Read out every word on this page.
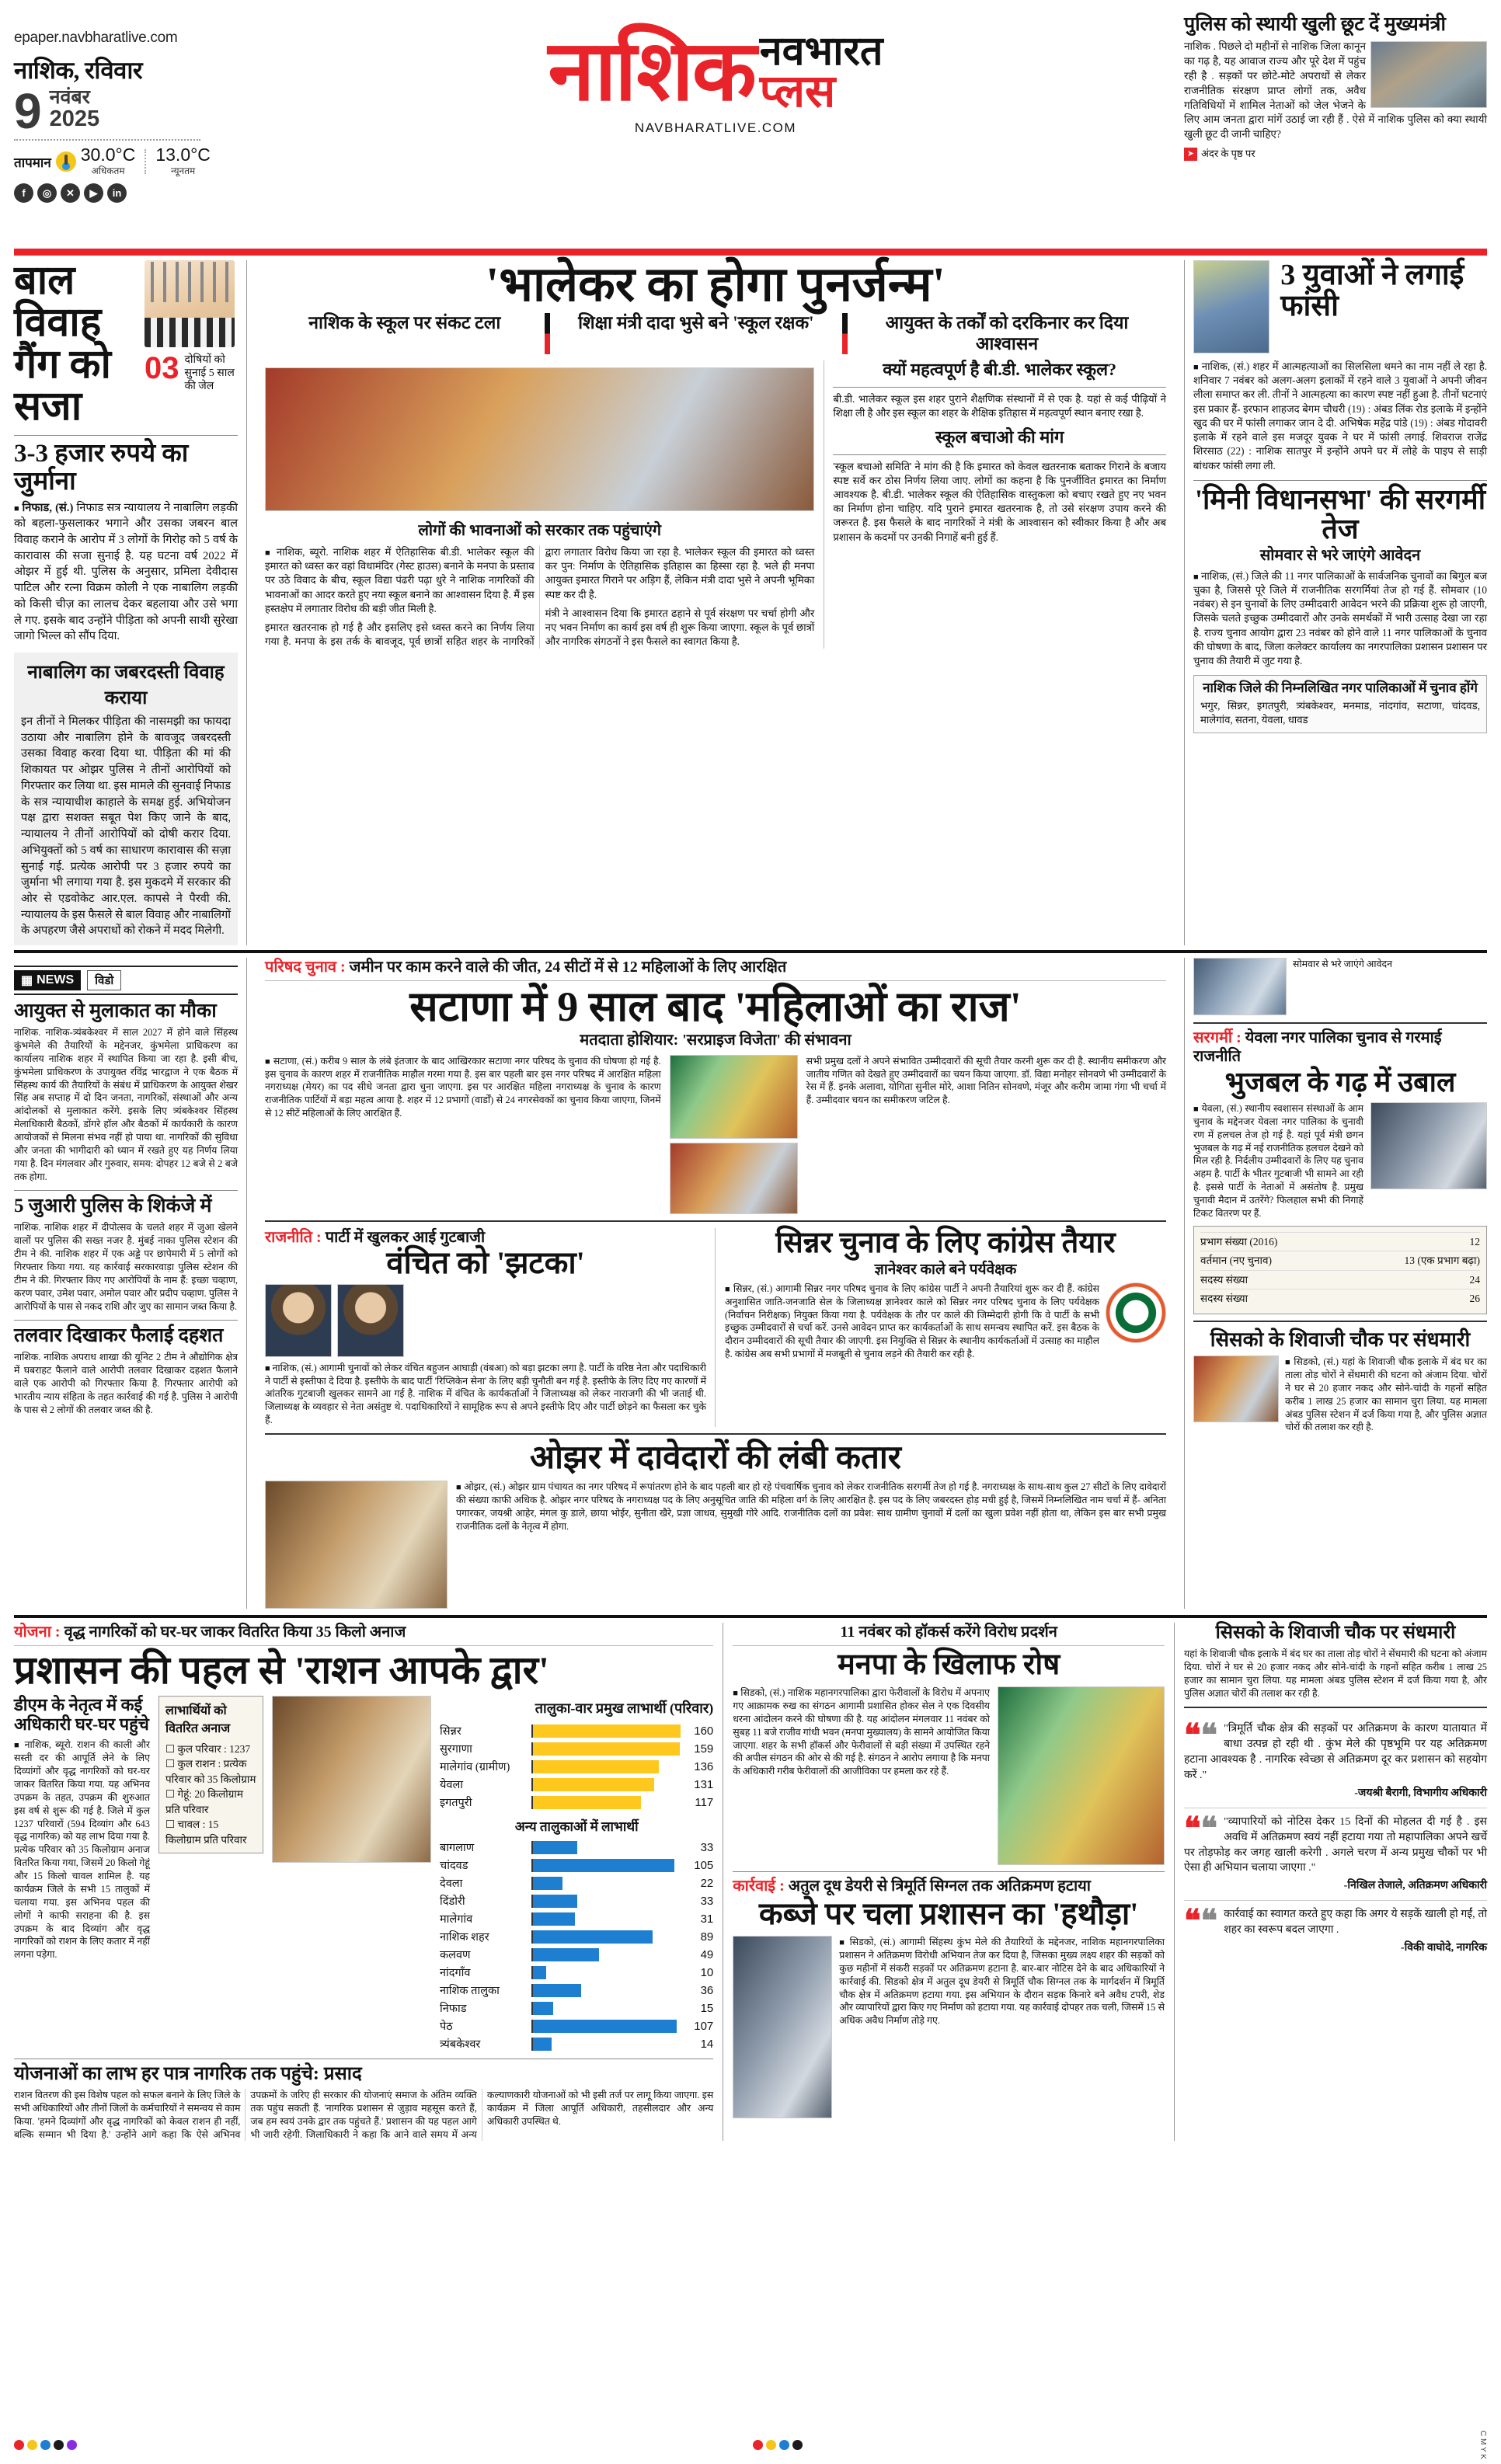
epaper.navbharatlive.com
नाशिक, रविवार
9 नवंबर
2025
तापमान 30.0°C
अधिकतम
13.0°C
न्यूनतम
f	◎	✕	▶	in
नाशिक नवभारत
प्लस
NAVBHARATLIVE.COM
पुलिस को स्थायी खुली छूट दें मुख्यमंत्री

नाशिक . पिछले दो महीनों से नाशिक जिला कानून का गढ़ है, यह आवाज राज्य और पूरे देश में पहुंच रही है . सड़कों पर छोटे-मोटे अपराधों से लेकर राजनीतिक संरक्षण प्राप्त लोगों तक, अवैध गतिविधियों में शामिल नेताओं को जेल भेजने के लिए आम जनता द्वारा मांगें उठाई जा रही हैं . ऐसे में नाशिक पुलिस को क्या स्थायी खुली छूट दी जानी चाहिए?

➤ अंदर के पृष्ठ पर
बाल विवाह गैंग को सजा
03 दोषियों को सुनाई 5 साल की जेल
3-3 हजार रुपये का जुर्माना

■ निफाड, (सं.) निफाड सत्र न्यायालय ने नाबालिग लड़की को बहला-फुसलाकर भगाने और उसका जबरन बाल विवाह कराने के आरोप में 3 लोगों के गिरोह को 5 वर्ष के कारावास की सजा सुनाई है. यह घटना वर्ष 2022 में ओझर में हुई थी. पुलिस के अनुसार, प्रमिला देवीदास पाटिल और रत्ना विक्रम कोली ने एक नाबालिग लड़की को किसी चीज़ का लालच देकर बहलाया और उसे भगा ले गए. इसके बाद उन्होंने पीड़िता को अपनी साथी सुरेखा जागो भिल्ल को सौंप दिया.

नाबालिग का जबरदस्ती विवाह कराया

इन तीनों ने मिलकर पीड़िता की नासमझी का फायदा उठाया और नाबालिग होने के बावजूद जबरदस्ती उसका विवाह करवा दिया था. पीड़िता की मां की शिकायत पर ओझर पुलिस ने तीनों आरोपियों को गिरफ्तार कर लिया था. इस मामले की सुनवाई निफाड के सत्र न्यायाधीश काहाले के समक्ष हुई. अभियोजन पक्ष द्वारा सशक्त सबूत पेश किए जाने के बाद, न्यायालय ने तीनों आरोपियों को दोषी करार दिया. अभियुक्तों को 5 वर्ष का साधारण कारावास की सज़ा सुनाई गई. प्रत्येक आरोपी पर 3 हजार रुपये का जुर्माना भी लगाया गया है. इस मुकदमे में सरकार की ओर से एडवोकेट आर.एल. कापसे ने पैरवी की. न्यायालय के इस फैसले से बाल विवाह और नाबालिगों के अपहरण जैसे अपराधों को रोकने में मदद मिलेगी.

'भालेकर का होगा पुनर्जन्म'
नाशिक के स्कूल पर संकट टला	शिक्षा मंत्री दादा भुसे बने 'स्कूल रक्षक'	आयुक्त के तर्कों को दरकिनार कर दिया आश्वासन
लोगों की भावनाओं को सरकार तक पहुंचाएंगे

■ नाशिक, ब्यूरो. नाशिक शहर में ऐतिहासिक बी.डी. भालेकर स्कूल की इमारत को ध्वस्त कर वहां विधामंदिर (गेस्ट हाउस) बनाने के मनपा के प्रस्ताव पर उठे विवाद के बीच, स्कूल विद्या पंढरी पढ़ा धुरे ने नाशिक नागरिकों की भावनाओं का आदर करते हुए नया स्कूल बनाने का आश्वासन दिया है. मैं इस हस्तक्षेप में लगातार विरोध की बड़ी जीत मिली है.

इमारत खतरनाक हो गई है और इसलिए इसे ध्वस्त करने का निर्णय लिया गया है. मनपा के इस तर्क के बावजूद, पूर्व छात्रों सहित शहर के नागरिकों द्वारा लगातार विरोध किया जा रहा है. भालेकर स्कूल की इमारत को ध्वस्त कर पुन: निर्माण के ऐतिहासिक इतिहास का हिस्सा रहा है. भले ही मनपा आयुक्त इमारत गिराने पर अड़िग हैं, लेकिन मंत्री दादा भुसे ने अपनी भूमिका स्पष्ट कर दी है.

मंत्री ने आश्वासन दिया कि इमारत ढहाने से पूर्व संरक्षण पर चर्चा होगी और नए भवन निर्माण का कार्य इस वर्ष ही शुरू किया जाएगा. स्कूल के पूर्व छात्रों और नागरिक संगठनों ने इस फैसले का स्वागत किया है.

क्यों महत्वपूर्ण है बी.डी. भालेकर स्कूल?

बी.डी. भालेकर स्कूल इस शहर पुराने शैक्षणिक संस्थानों में से एक है. यहां से कई पीढ़ियों ने शिक्षा ली है और इस स्कूल का शहर के शैक्षिक इतिहास में महत्वपूर्ण स्थान बनाए रखा है.

स्कूल बचाओ की मांग

'स्कूल बचाओ समिति' ने मांग की है कि इमारत को केवल खतरनाक बताकर गिराने के बजाय स्पष्ट सर्वे कर ठोस निर्णय लिया जाए. लोगों का कहना है कि पुनर्जीवित इमारत का निर्माण आवश्यक है. बी.डी. भालेकर स्कूल की ऐतिहासिक वास्तुकला को बचाए रखते हुए नए भवन का निर्माण होना चाहिए. यदि पुराने इमारत खतरनाक है, तो उसे संरक्षण उपाय करने की जरूरत है. इस फैसले के बाद नागरिकों ने मंत्री के आश्वासन को स्वीकार किया है और अब प्रशासन के कदमों पर उनकी निगाहें बनी हुई हैं.

3 युवाओं ने लगाई फांसी

■ नाशिक, (सं.) शहर में आत्महत्याओं का सिलसिला थमने का नाम नहीं ले रहा है. शनिवार 7 नवंबर को अलग-अलग इलाकों में रहने वाले 3 युवाओं ने अपनी जीवन लीला समाप्त कर ली. तीनों ने आत्महत्या का कारण स्पष्ट नहीं हुआ है. तीनों घटनाएं इस प्रकार हैं- इरफान शाहजद बेगम चौधरी (19) : अंबड लिंक रोड इलाके में इन्होंने खुद की घर में फांसी लगाकर जान दे दी. अभिषेक महेंद्र पांडे (19) : अंबड गोदावरी इलाके में रहने वाले इस मजदूर युवक ने घर में फांसी लगाई. शिवराज राजेंद्र शिरसाठ (22) : नाशिक सातपुर में इन्होंने अपने घर में लोहे के पाइप से साड़ी बांधकर फांसी लगा ली.

'मिनी विधानसभा' की सरगर्मी तेज
सोमवार से भरे जाएंगे आवेदन

■ नाशिक, (सं.) जिले की 11 नगर पालिकाओं के सार्वजनिक चुनावों का बिगुल बज चुका है, जिससे पूरे जिले में राजनीतिक सरगर्मियां तेज हो गई हैं. सोमवार (10 नवंबर) से इन चुनावों के लिए उम्मीदवारी आवेदन भरने की प्रक्रिया शुरू हो जाएगी, जिसके चलते इच्छुक उम्मीदवारों और उनके समर्थकों में भारी उत्साह देखा जा रहा है. राज्य चुनाव आयोग द्वारा 23 नवंबर को होने वाले 11 नगर पालिकाओं के चुनाव की घोषणा के बाद, जिला कलेक्टर कार्यालय का नगरपालिका प्रशासन प्रशासन पर चुनाव की तैयारी में जुट गया है.

नाशिक जिले की निम्नलिखित नगर पालिकाओं में चुनाव होंगे

भगुर, सिन्नर, इगतपुरी, त्र्यंबकेश्वर, मनमाड, नांदगांव, सटाणा, चांदवड, मालेगांव, सतना, येवला, धावड

▦ NEWS	विडो
आयुक्त से मुलाकात का मौका

नाशिक. नाशिक-त्र्यंबकेश्वर में साल 2027 में होने वाले सिंहस्थ कुंभमेले की तैयारियों के मद्देनजर, कुंभमेला प्राधिकरण का कार्यालय नाशिक शहर में स्थापित किया जा रहा है. इसी बीच, कुंभमेला प्राधिकरण के उपायुक्त रविंद्र भारद्वाज ने एक बैठक में सिंहस्थ कार्य की तैयारियों के संबंध में प्राधिकरण के आयुक्त शेखर सिंह अब सप्ताह में दो दिन जनता, नागरिकों, संस्थाओं और अन्य आंदोलकों से मुलाकात करेंगे. इसके लिए त्र्यंबकेश्वर सिंहस्थ मेलाधिकारी बैठकों, डोंगरे हॉल और बैठकों में कार्यकारी के कारण आयोजकों से मिलना संभव नहीं हो पाया था. नागरिकों की सुविधा और जनता की भागीदारी को ध्यान में रखते हुए यह निर्णय लिया गया है. दिन मंगलवार और गुरुवार, समय: दोपहर 12 बजे से 2 बजे तक होगा.

5 जुआरी पुलिस के शिकंजे में

नाशिक. नाशिक शहर में दीपोत्सव के चलते शहर में जुआ खेलने वालों पर पुलिस की सख्त नजर है. मुंबई नाका पुलिस स्टेशन की टीम ने की. नाशिक शहर में एक अड्डे पर छापेमारी में 5 लोगों को गिरफ्तार किया गया. यह कार्रवाई सरकारवाड़ा पुलिस स्टेशन की टीम ने की. गिरफ्तार किए गए आरोपियों के नाम हैं: इच्छा चव्हाण, करण पवार, उमेश पवार, अमोल पवार और प्रदीप चव्हाण. पुलिस ने आरोपियों के पास से नकद राशि और जुए का सामान जब्त किया है.

तलवार दिखाकर फैलाई दहशत

नाशिक. नाशिक अपराध शाखा की यूनिट 2 टीम ने औद्योगिक क्षेत्र में घबराहट फैलाने वाले आरोपी तलवार दिखाकर दहशत फैलाने वाले एक आरोपी को गिरफ्तार किया है. गिरफ्तार आरोपी को भारतीय न्याय संहिता के तहत कार्रवाई की गई है. पुलिस ने आरोपी के पास से 2 लोगों की तलवार जब्त की है.

परिषद चुनाव : जमीन पर काम करने वाले की जीत, 24 सीटों में से 12 महिलाओं के लिए आरक्षित
सटाणा में 9 साल बाद 'महिलाओं का राज'
मतदाता होशियार: 'सरप्राइज विजेता' की संभावना

■ सटाणा, (सं.) करीब 9 साल के लंबे इंतजार के बाद आखिरकार सटाणा नगर परिषद के चुनाव की घोषणा हो गई है. इस चुनाव के कारण शहर में राजनीतिक माहौल गरमा गया है. इस बार पहली बार इस नगर परिषद में आरक्षित महिला नगराध्यक्ष (मेयर) का पद सीधे जनता द्वारा चुना जाएगा. इस पर आरक्षित महिला नगराध्यक्ष के चुनाव के कारण राजनीतिक पार्टियों में बड़ा महत्व आया है. शहर में 12 प्रभागों (वार्डों) से 24 नगरसेवकों का चुनाव किया जाएगा, जिनमें से 12 सीटें महिलाओं के लिए आरक्षित हैं.

सभी प्रमुख दलों ने अपने संभावित उम्मीदवारों की सूची तैयार करनी शुरू कर दी है. स्थानीय समीकरण और जातीय गणित को देखते हुए उम्मीदवारों का चयन किया जाएगा. डॉ. विद्या मनोहर सोनवणे भी उम्मीदवारों के रेस में हैं. इनके अलावा, योगिता सुनील मोरे, आशा नितिन सोनवणे, मंजूर और करीम जामा गंगा भी चर्चा में हैं. उम्मीदवार चयन का समीकरण जटिल है.

राजनीति : पार्टी में खुलकर आई गुटबाजी
वंचित को 'झटका'

■ नाशिक, (सं.) आगामी चुनावों को लेकर वंचित बहुजन आघाड़ी (वंबआ) को बड़ा झटका लगा है. पार्टी के वरिष्ठ नेता और पदाधिकारी ने पार्टी से इस्तीफा दे दिया है. इस्तीफे के बाद पार्टी 'रिप्लिकेन सेना' के लिए बड़ी चुनौती बन गई है. इस्तीफे के लिए दिए गए कारणों में आंतरिक गुटबाजी खुलकर सामने आ गई है. नाशिक में वंचित के कार्यकर्ताओं ने जिलाध्यक्ष को लेकर नाराजगी की भी जताई थी. जिलाध्यक्ष के व्यवहार से नेता असंतुष्ट थे. पदाधिकारियों ने सामूहिक रूप से अपने इस्तीफे दिए और पार्टी छोड़ने का फैसला कर चुके हैं.

सिन्नर चुनाव के लिए कांग्रेस तैयार
ज्ञानेश्वर काले बने पर्यवेक्षक

■ सिन्नर, (सं.) आगामी सिन्नर नगर परिषद चुनाव के लिए कांग्रेस पार्टी ने अपनी तैयारियां शुरू कर दी हैं. कांग्रेस अनुशासित जाति-जनजाति सेल के जिलाध्यक्ष ज्ञानेश्वर काले को सिन्नर नगर परिषद चुनाव के लिए पर्यवेक्षक (निर्वाचन निरीक्षक) नियुक्त किया गया है. पर्यवेक्षक के तौर पर काले की जिम्मेदारी होगी कि वे पार्टी के सभी इच्छुक उम्मीदवारों से चर्चा करें. उनसे आवेदन प्राप्त कर कार्यकर्ताओं के साथ समन्वय स्थापित करें. इस बैठक के दौरान उम्मीदवारों की सूची तैयार की जाएगी. इस नियुक्ति से सिन्नर के स्थानीय कार्यकर्ताओं में उत्साह का माहौल है. कांग्रेस अब सभी प्रभागों में मजबूती से चुनाव लड़ने की तैयारी कर रही है.

ओझर में दावेदारों की लंबी कतार

■ ओझर, (सं.) ओझर ग्राम पंचायत का नगर परिषद में रूपांतरण होने के बाद पहली बार हो रहे पंचवार्षिक चुनाव को लेकर राजनीतिक सरगर्मी तेज हो गई है. नगराध्यक्ष के साथ-साथ कुल 27 सीटों के लिए दावेदारों की संख्या काफी अधिक है. ओझर नगर परिषद के नगराध्यक्ष पद के लिए अनुसूचित जाति की महिला वर्ग के लिए आरक्षित है. इस पद के लिए जबरदस्त होड़ मची हुई है, जिसमें निम्नलिखित नाम चर्चा में हैं- अनिता पगारकर, जयश्री आहेर, मंगल कु डाले, छाया भोईर, सुनीता खैरे, प्रज्ञा जाधव, सुमुखी गोरे आदि. राजनीतिक दलों का प्रवेश: साथ ग्रामीण चुनावों में दलों का खुला प्रवेश नहीं होता था, लेकिन इस बार सभी प्रमुख राजनीतिक दलों के नेतृत्व में होगा.

सोमवार से भरे जाएंगे आवेदन

सरगर्मी : येवला नगर पालिका चुनाव से गरमाई राजनीति
भुजबल के गढ़ में उबाल

■ येवला, (सं.) स्थानीय स्वशासन संस्थाओं के आम चुनाव के मद्देनजर येवला नगर पालिका के चुनावी रण में हलचल तेज हो गई है. यहां पूर्व मंत्री छगन भुजबल के गढ़ में नई राजनीतिक हलचल देखने को मिल रही है. निर्दलीय उम्मीदवारों के लिए यह चुनाव अहम है. पार्टी के भीतर गुटबाजी भी सामने आ रही है. इससे पार्टी के नेताओं में असंतोष है. प्रमुख चुनावी मैदान में उतरेंगे? फिलहाल सभी की निगाहें टिकट वितरण पर हैं.

प्रभाग संख्या (2016)	12
वर्तमान (नए चुनाव)	13 (एक प्रभाग बढ़ा)
सदस्य संख्या	24
सदस्य संख्या	26
सिसको के शिवाजी चौक पर संधमारी

■ सिडको, (सं.) यहां के शिवाजी चौक इलाके में बंद घर का ताला तोड़ चोरों ने सेंधमारी की घटना को अंजाम दिया. चोरों ने घर से 20 हजार नकद और सोने-चांदी के गहनों सहित करीब 1 लाख 25 हजार का सामान चुरा लिया. यह मामला अंबड पुलिस स्टेशन में दर्ज किया गया है, और पुलिस अज्ञात चोरों की तलाश कर रही है.

योजना : वृद्ध नागरिकों को घर-घर जाकर वितरित किया 35 किलो अनाज
प्रशासन की पहल से 'राशन आपके द्वार'
डीएम के नेतृत्व में कई अधिकारी घर-घर पहुंचे

■ नाशिक, ब्यूरो. राशन की काली और सस्ती दर की आपूर्ति लेने के लिए दिव्यांगों और वृद्ध नागरिकों को घर-घर जाकर वितरित किया गया. यह अभिनव उपक्रम के तहत, उपक्रम की शुरुआत इस वर्ष से शुरू की गई है. जिले में कुल 1237 परिवारों (594 दिव्यांग और 643 वृद्ध नागरिक) को यह लाभ दिया गया है. प्रत्येक परिवार को 35 किलोग्राम अनाज वितरित किया गया, जिसमें 20 किलो गेहूं और 15 किलो चावल शामिल है. यह कार्यक्रम जिले के सभी 15 तालुकों में चलाया गया. इस अभिनव पहल की लोगों ने काफी सराहना की है. इस उपक्रम के बाद दिव्यांग और वृद्ध नागरिकों को राशन के लिए कतार में नहीं लगना पड़ेगा.

लाभार्थियों को वितरित अनाज
☐ कुल परिवार : 1237
☐ कुल राशन : प्रत्येक परिवार को 35 किलोग्राम
☐ गेहूं: 20 किलोग्राम प्रति परिवार
☐ चावल : 15 किलोग्राम प्रति परिवार
तालुका-वार प्रमुख लाभार्थी (परिवार)
सिन्नर	160
सुरगाणा	159
मालेगांव (ग्रामीण)	136
येवला	131
इगतपुरी	117
अन्य तालुकाओं में लाभार्थी
बागलाण	33
चांदवड	105
देवला	22
दिंडोरी	33
मालेगांव	31
नाशिक शहर	89
कलवण	49
नांदगाँव	10
नाशिक तालुका	36
निफाड	15
पेठ	107
त्र्यंबकेश्वर	14
योजनाओं का लाभ हर पात्र नागरिक तक पहुंचे: प्रसाद

राशन वितरण की इस विशेष पहल को सफल बनाने के लिए जिले के सभी अधिकारियों और तीनों जिलों के कर्मचारियों ने समन्वय से काम किया. 'हमने दिव्यांगों और वृद्ध नागरिकों को केवल राशन ही नहीं, बल्कि सम्मान भी दिया है.' उन्होंने आगे कहा कि ऐसे अभिनव उपक्रमों के जरिए ही सरकार की योजनाएं समाज के अंतिम व्यक्ति तक पहुंच सकती हैं. 'नागरिक प्रशासन से जुड़ाव महसूस करते हैं, जब हम स्वयं उनके द्वार तक पहुंचते हैं.' प्रशासन की यह पहल आगे भी जारी रहेगी. जिलाधिकारी ने कहा कि आने वाले समय में अन्य कल्याणकारी योजनाओं को भी इसी तर्ज पर लागू किया जाएगा. इस कार्यक्रम में जिला आपूर्ति अधिकारी, तहसीलदार और अन्य अधिकारी उपस्थित थे.

11 नवंबर को हॉकर्स करेंगे विरोध प्रदर्शन
मनपा के खिलाफ रोष

■ सिडको, (सं.) नाशिक महानगरपालिका द्वारा फेरीवालों के विरोध में अपनाए गए आक्रामक रुख का संगठन आगामी प्रशासित होकर सेल ने एक दिवसीय धरना आंदोलन करने की घोषणा की है. यह आंदोलन मंगलवार 11 नवंबर को सुबह 11 बजे राजीव गांधी भवन (मनपा मुख्यालय) के सामने आयोजित किया जाएगा. शहर के सभी हॉकर्स और फेरीवालों से बड़ी संख्या में उपस्थित रहने की अपील संगठन की ओर से की गई है. संगठन ने आरोप लगाया है कि मनपा के अधिकारी गरीब फेरीवालों की आजीविका पर हमला कर रहे हैं.

कार्रवाई : अतुल दूध डेयरी से त्रिमूर्ति सिग्नल तक अतिक्रमण हटाया
कब्जे पर चला प्रशासन का 'हथौड़ा'

■ सिडको, (सं.) आगामी सिंहस्थ कुंभ मेले की तैयारियों के मद्देनजर, नाशिक महानगरपालिका प्रशासन ने अतिक्रमण विरोधी अभियान तेज कर दिया है, जिसका मुख्य लक्ष्य शहर की सड़कों को कुछ महीनों में संकरी सड़कों पर अतिक्रमण हटाना है. बार-बार नोटिस देने के बाद अधिकारियों ने कार्रवाई की. सिडको क्षेत्र में अतुल दूध डेयरी से त्रिमूर्ति चौक सिग्नल तक के मार्गदर्शन में त्रिमूर्ति चौक क्षेत्र में अतिक्रमण हटाया गया. इस अभियान के दौरान सड़क किनारे बने अवैध टपरी, शेड और व्यापारियों द्वारा किए गए निर्माण को हटाया गया. यह कार्रवाई दोपहर तक चली, जिसमें 15 से अधिक अवैध निर्माण तोड़े गए.

सिसको के शिवाजी चौक पर संधमारी

यहां के शिवाजी चौक इलाके में बंद घर का ताला तोड़ चोरों ने सेंधमारी की घटना को अंजाम दिया. चोरों ने घर से 20 हजार नकद और सोने-चांदी के गहनों सहित करीब 1 लाख 25 हजार का सामान चुरा लिया. यह मामला अंबड पुलिस स्टेशन में दर्ज किया गया है, और पुलिस अज्ञात चोरों की तलाश कर रही है.

❝❝ "त्रिमूर्ति चौक क्षेत्र की सड़कों पर अतिक्रमण के कारण यातायात में बाधा उत्पन्न हो रही थी . कुंभ मेले की पृष्ठभूमि पर यह अतिक्रमण हटाना आवश्यक है . नागरिक स्वेच्छा से अतिक्रमण दूर कर प्रशासन को सहयोग करें ."
-जयश्री बैरागी, विभागीय अधिकारी
❝❝ "व्यापारियों को नोटिस देकर 15 दिनों की मोहलत दी गई है . इस अवधि में अतिक्रमण स्वयं नहीं हटाया गया तो महापालिका अपने खर्चे पर तोड़फोड़ कर जगह खाली करेगी . अगले चरण में अन्य प्रमुख चौकों पर भी ऐसा ही अभियान चलाया जाएगा ."
-निखिल तेजाले, अतिक्रमण अधिकारी
❝❝ कार्रवाई का स्वागत करते हुए कहा कि अगर ये सड़कें खाली हो गईं, तो शहर का स्वरूप बदल जाएगा .
-विकी वाघोदे, नागरिक
C M Y K
